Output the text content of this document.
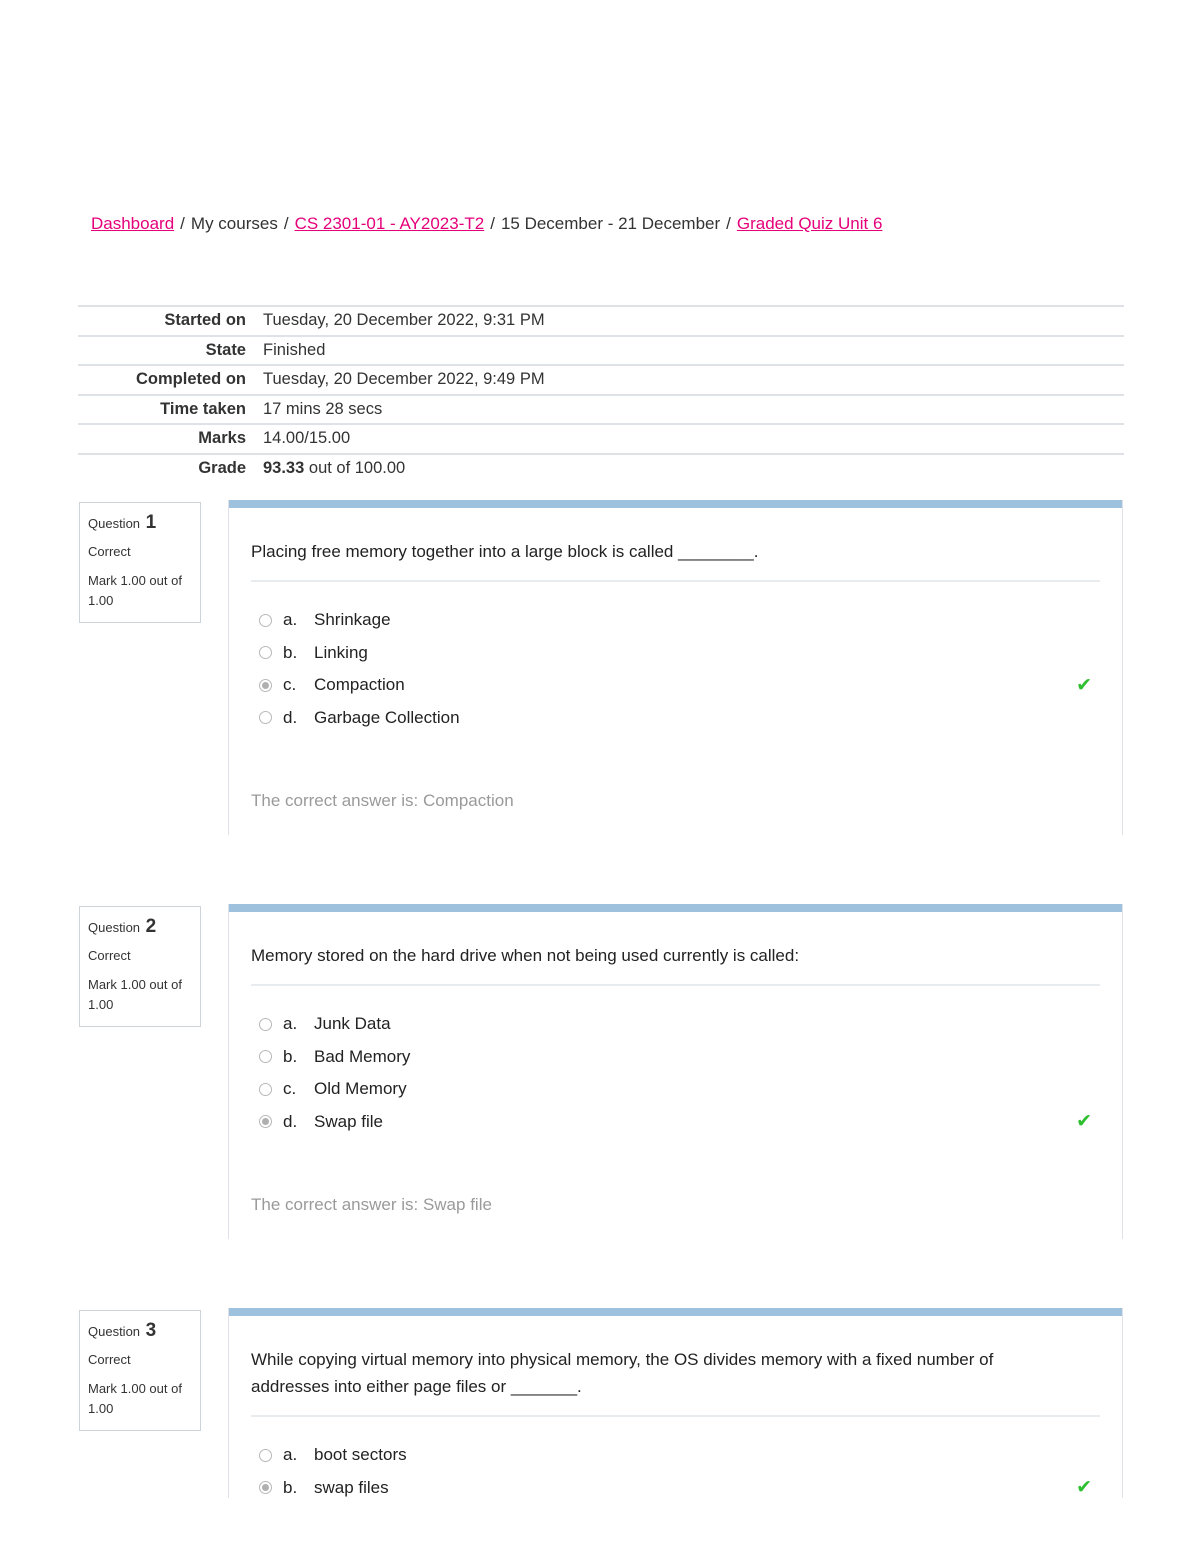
Dashboard / My courses / CS 2301-01 - AY2023-T2 / 15 December - 21 December / Graded Quiz Unit 6
Started on	Tuesday, 20 December 2022, 9:31 PM
State	Finished
Completed on	Tuesday, 20 December 2022, 9:49 PM
Time taken	17 mins 28 secs
Marks	14.00/15.00
Grade	93.33 out of 100.00
Question 1
Correct
Mark 1.00 out of 1.00
Placing free memory together into a large block is called ________.
a. Shrinkage
b. Linking
c.	Compaction	✔
d. Garbage Collection
The correct answer is: Compaction
Question 2
Correct
Mark 1.00 out of 1.00
Memory stored on the hard drive when not being used currently is called:
a. Junk Data
b. Bad Memory
c.	Old Memory
d. Swap file	✔
The correct answer is: Swap file
Question 3
Correct
Mark 1.00 out of 1.00
While copying virtual memory into physical memory, the OS divides memory with a fixed number of addresses into either page files or _______.
a. boot sectors
b. swap files	✔
